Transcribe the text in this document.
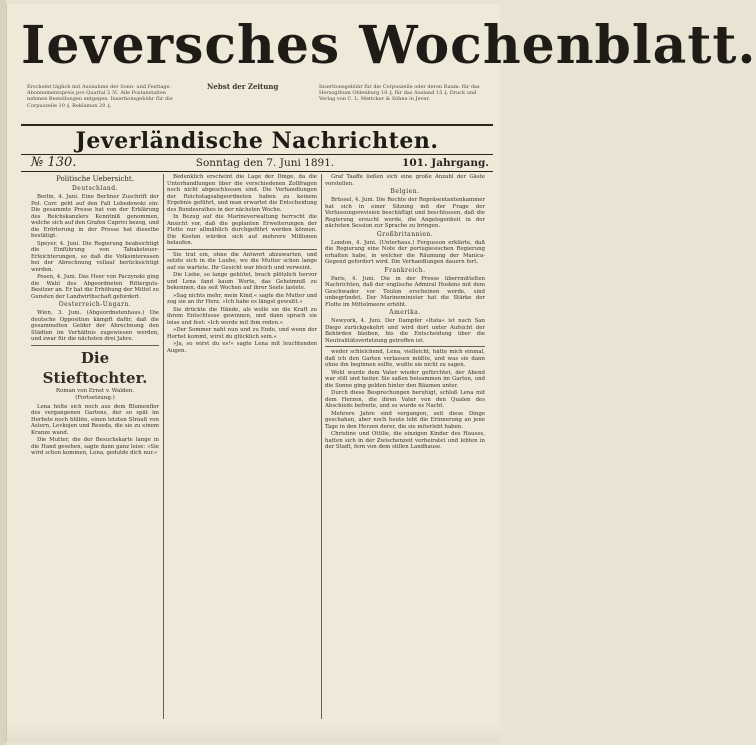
Ieversches Wochenblatt.
Erscheint täglich mit Ausnahme der Sonn- und Festtage. Abonnementspreis pro Quartal 2 ℳ. Alle Postanstalten nehmen Bestellungen entgegen. Insertionsgebühr für die Corpuszeile 10 ₰. Reklamen 20 ₰.
Nebst der Zeitung	Insertionsgebühr für die Corpuszeile oder deren Raum: für das Herzogthum Oldenburg 10 ₰, für das Ausland 15 ₰. Druck und Verlag von C. L. Mettcker & Söhne in Jever.
Jeverländische Nachrichten.
№ 130.	Sonntag den 7. Juni 1891.	101. Jahrgang.
Politische Uebersicht.
Deutschland.
Berlin, 4. Juni. Eine Berliner Zuschrift der Pol. Corr. geht auf den Fall Lebedowski ein: Die gesammte Presse hat von der Erklärung des Reichskanzlers Kenntniß genommen, welche sich auf den Grafen Caprivi bezog, und die Erörterung in der Presse hat dieselbe bestätigt.
Speyer, 4. Juni. Die Regierung beabsichtigt die Einführung von Tabaksteuer-Erleichterungen, so daß die Volksinteressen bei der Abrechnung vollauf berücksichtigt werden.
Posen, 4. Juni. Das Heer von Paczynski ging die Wahl des Abgeordneten Ritterguts-Besitzer an. Er hat die Erhöhung der Mittel zu Gunsten der Landwirthschaft gefordert.
Oesterreich-Ungarn.
Wien, 3. Juni. (Abgeordnetenhaus.) Die deutsche Opposition kämpft dafür, daß die gesammelten Gelder der Abrechnung den Städten im Verhältnis zugewiesen werden, und zwar für die nächsten drei Jahre.
Die Stieftochter.
Roman von Ernst v. Walden.
(Fortsetzung.)
Lena holte sich noch aus dem Blumenflor des vergangenen Gartens, der so spät im Herbste noch blühte, einen letzten Strauß von Astern, Levkojen und Reseda, die sie zu einem Kranze wand.
Die Mutter, die der Besuchskarte lange in die Hand gesehen, sagte dann ganz leise: »Sie wird schon kommen, Lena, gedulde dich nur.«
Bedenklich erscheint die Lage der Dinge, da die Unterhandlungen über die verschiedenen Zollfragen noch nicht abgeschlossen sind. Die Verhandlungen der Reichstagsabgeordneten haben zu keinem Ergebnis geführt, und man erwartet die Entscheidung des Bundesrathes in der nächsten Woche.
In Bezug auf die Marineverwaltung herrscht die Ansicht vor, daß die geplanten Erweiterungen der Flotte nur allmählich durchgeführt werden können. Die Kosten würden sich auf mehrere Millionen belaufen.
Sie trat ein, ohne die Antwort abzuwarten, und setzte sich in die Laube, wo die Mutter schon lange auf sie wartete. Ihr Gesicht war bleich und verweint.
Die Liebe, so lange gehütet, brach plötzlich hervor und Lena fand kaum Worte, das Geheimniß zu bekennen, das seit Wochen auf ihrer Seele lastete.
»Sag nichts mehr, mein Kind,« sagte die Mutter und zog sie an ihr Herz. »Ich habe es längst gewußt.«
Sie drückte die Hände, als wolle sie die Kraft zu ihrem Entschlusse gewinnen, und dann sprach sie leise und fest: »Ich werde mit ihm reden.«
»Der Sommer naht nun und zu Ende, und wenn der Herbst kommt, wirst du glücklich sein.«
»Ja, so wirst du es!« sagte Lena mit leuchtenden Augen.
Graf Taaffe ließen sich eine große Anzahl der Gäste vorstellen.
Belgien.
Brüssel, 4. Juni. Die Rechte der Repräsentantenkammer hat sich in einer Sitzung mit der Frage der Verfassungsrevision beschäftigt und beschlossen, daß die Regierung ersucht werde, die Angelegenheit in der nächsten Session zur Sprache zu bringen.
Großbritannien.
London, 4. Juni. (Unterhaus.) Fergusson erklärte, daß die Regierung eine Note der portugiesischen Regierung erhalten habe, in welcher die Räumung der Manica-Gegend gefordert wird. Die Verhandlungen dauern fort.
Frankreich.
Paris, 4. Juni. Die in der Presse überrmittelten Nachrichten, daß der englische Admiral Hoskins mit dem Geschwader vor Toulon erscheinen werde, sind unbegründet. Der Marineminister hat die Stärke der Flotte im Mittelmeere erhöht.
Amerika.
Newyork, 4. Juni. Der Dampfer »Itata« ist nach San Diego zurückgekehrt und wird dort unter Aufsicht der Behörden bleiben, bis die Entscheidung über die Neutralitätsverletzung getroffen ist.
weder schleichend, Lena, vielleicht, hätte mich einmal, daß ich den Garten verlassen müßte, und was sie dann ohne ihn beginnen sollte, wußte sie nicht zu sagen.
Wohl wurde dem Vater wieder gefürchtet, der Abend war still und heiter. Sie saßen beisammen im Garten, und die Sonne ging golden hinter den Bäumen unter.
Durch diese Besprechungen beruhigt, schloß Lena mit dem Herzen, die ihren Vater von den Qualen des Abschieds befreite, und so wurde es Nacht.
Mehrere Jahre sind vergangen, seit diese Dinge geschahen, aber noch heute lebt die Erinnerung an jene Tage in den Herzen derer, die sie miterlebt haben.
Christine und Ottilie, die einzigen Kinder des Hauses, hatten sich in der Zwischenzeit verheiratet und lebten in der Stadt, fern von dem stillen Landhause.
